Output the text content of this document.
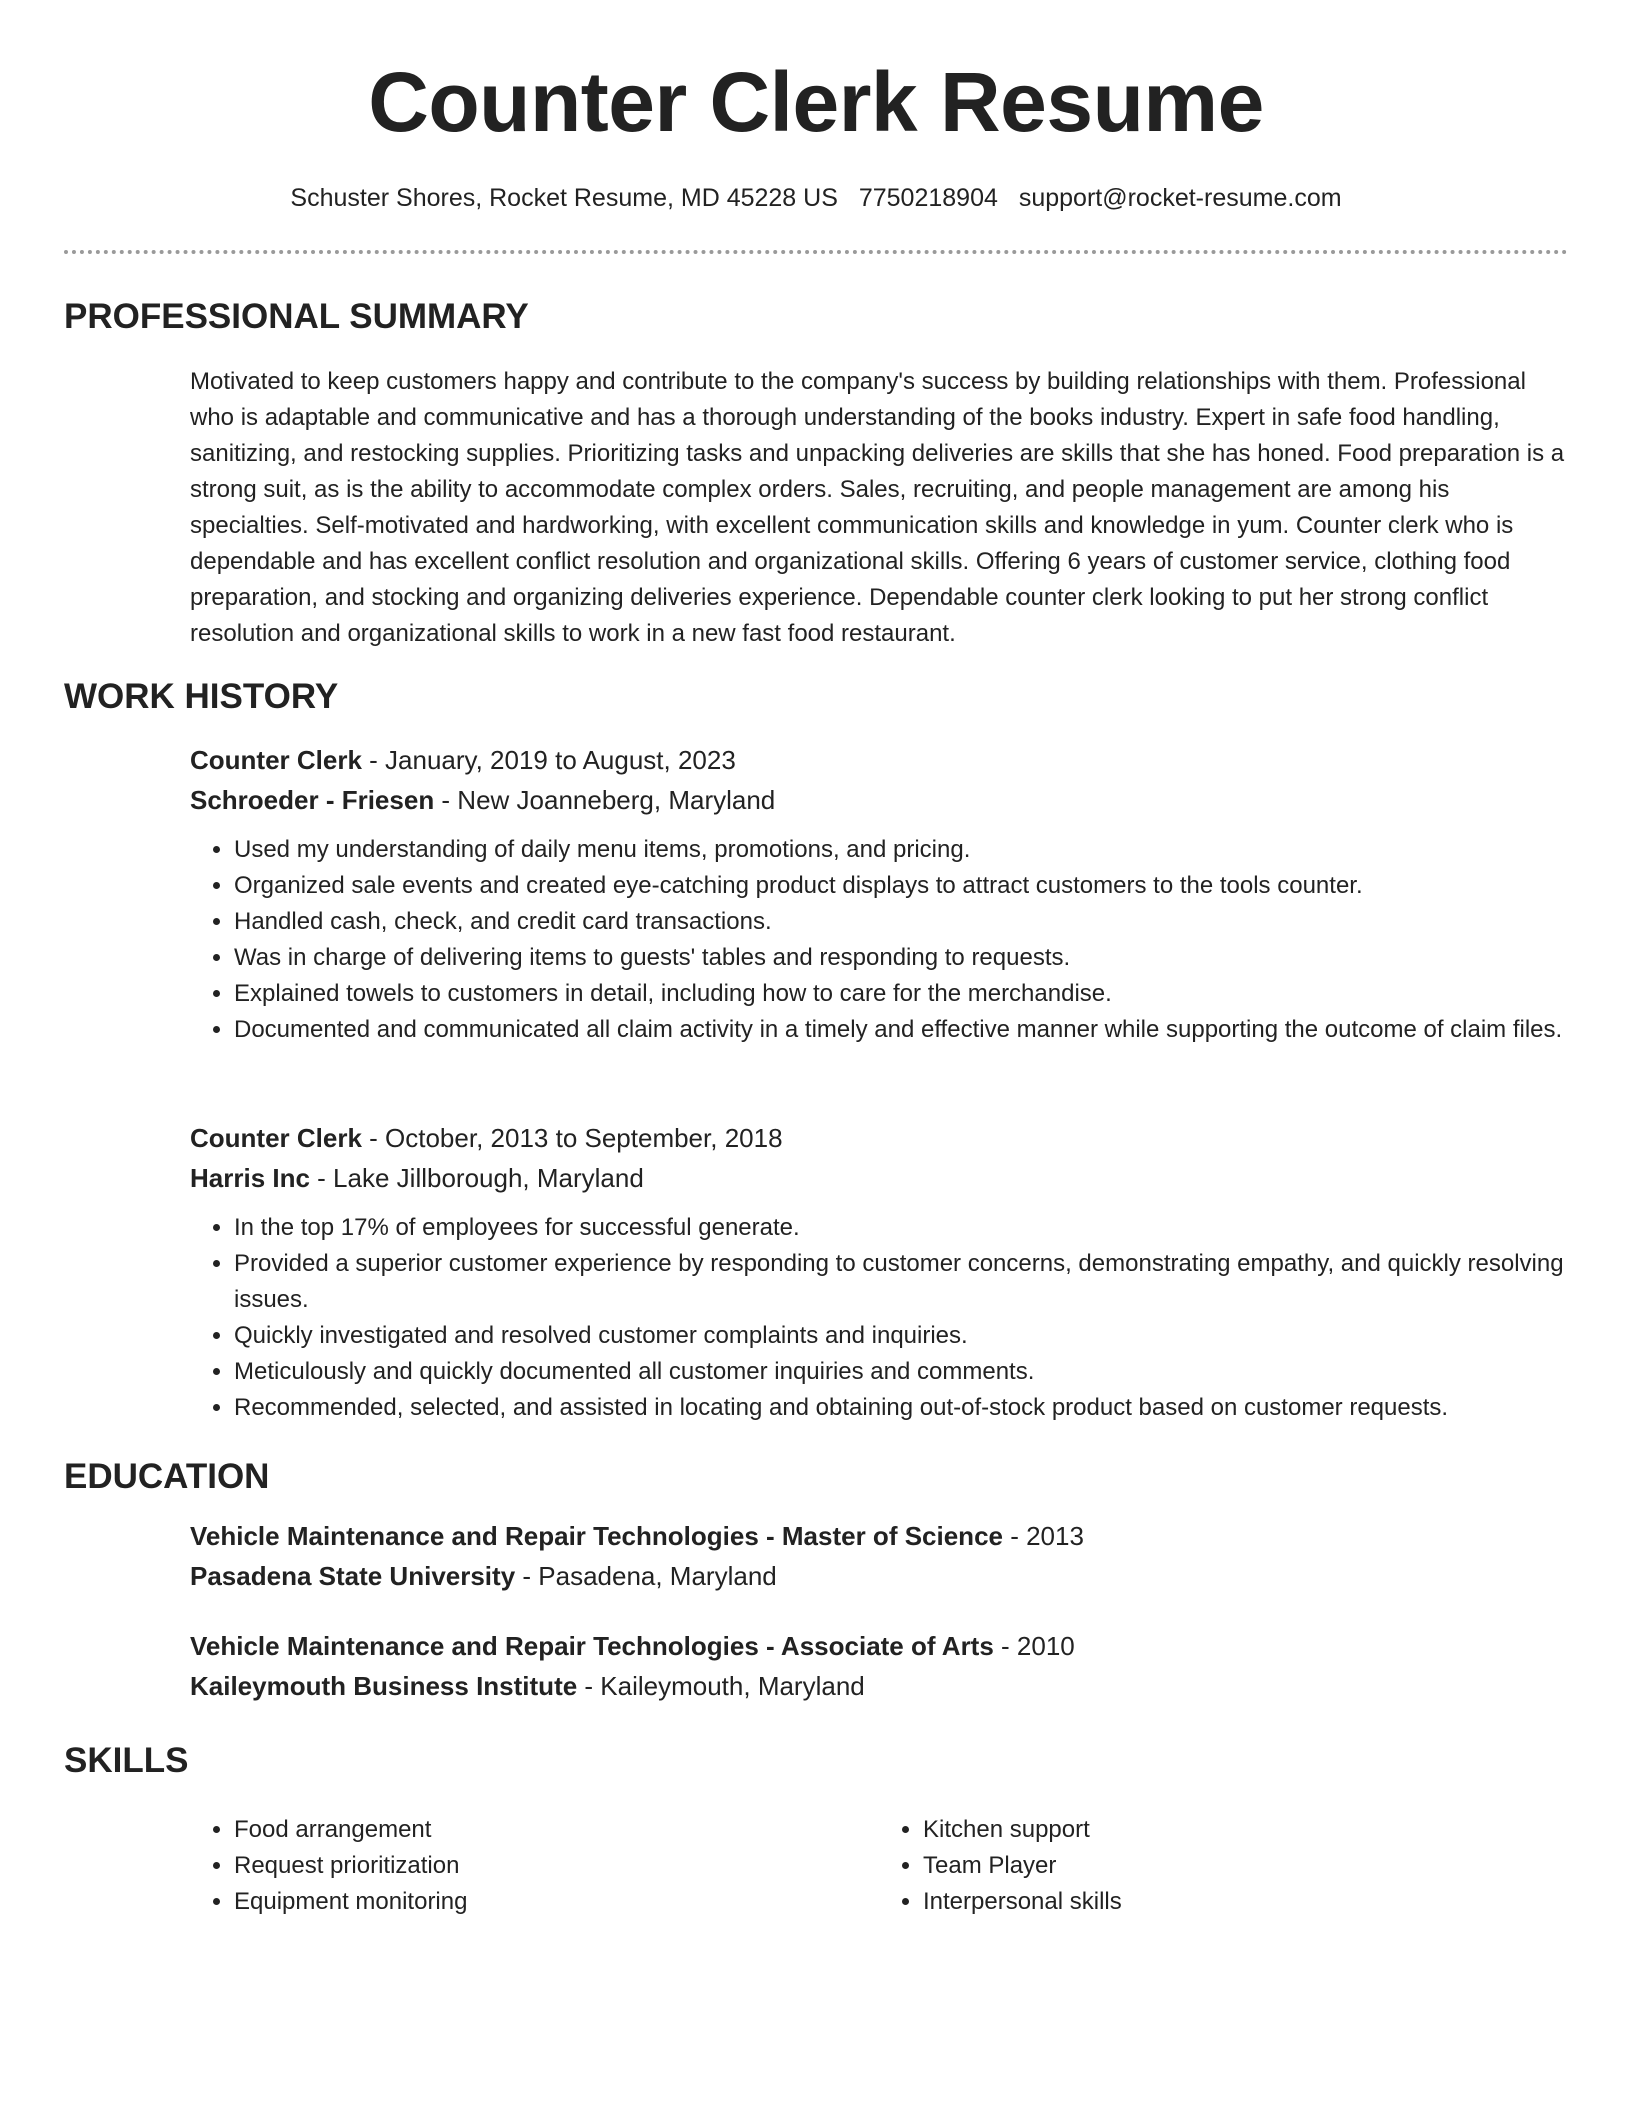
Counter Clerk Resume
Schuster Shores, Rocket Resume, MD 45228 US 7750218904 support@rocket-resume.com
PROFESSIONAL SUMMARY

Motivated to keep customers happy and contribute to the company's success by building relationships with them. Professional who is adaptable and communicative and has a thorough understanding of the books industry. Expert in safe food handling, sanitizing, and restocking supplies. Prioritizing tasks and unpacking deliveries are skills that she has honed. Food preparation is a strong suit, as is the ability to accommodate complex orders. Sales, recruiting, and people management are among his specialties. Self-motivated and hardworking, with excellent communication skills and knowledge in yum. Counter clerk who is dependable and has excellent conflict resolution and organizational skills. Offering 6 years of customer service, clothing food preparation, and stocking and organizing deliveries experience. Dependable counter clerk looking to put her strong conflict resolution and organizational skills to work in a new fast food restaurant.

WORK HISTORY
Counter Clerk - January, 2019 to August, 2023
Schroeder - Friesen - New Joanneberg, Maryland
• Used my understanding of daily menu items, promotions, and pricing.
• Organized sale events and created eye-catching product displays to attract customers to the tools counter.
• Handled cash, check, and credit card transactions.
• Was in charge of delivering items to guests' tables and responding to requests.
• Explained towels to customers in detail, including how to care for the merchandise.
• Documented and communicated all claim activity in a timely and effective manner while supporting the outcome of claim files.
Counter Clerk - October, 2013 to September, 2018
Harris Inc - Lake Jillborough, Maryland
• In the top 17% of employees for successful generate.
• Provided a superior customer experience by responding to customer concerns, demonstrating empathy, and quickly resolving issues.
• Quickly investigated and resolved customer complaints and inquiries.
• Meticulously and quickly documented all customer inquiries and comments.
• Recommended, selected, and assisted in locating and obtaining out-of-stock product based on customer requests.
EDUCATION
Vehicle Maintenance and Repair Technologies - Master of Science - 2013
Pasadena State University - Pasadena, Maryland
Vehicle Maintenance and Repair Technologies - Associate of Arts - 2010
Kaileymouth Business Institute - Kaileymouth, Maryland
SKILLS
• Food arrangement
• Request prioritization
• Equipment monitoring
• Kitchen support
• Team Player
• Interpersonal skills
